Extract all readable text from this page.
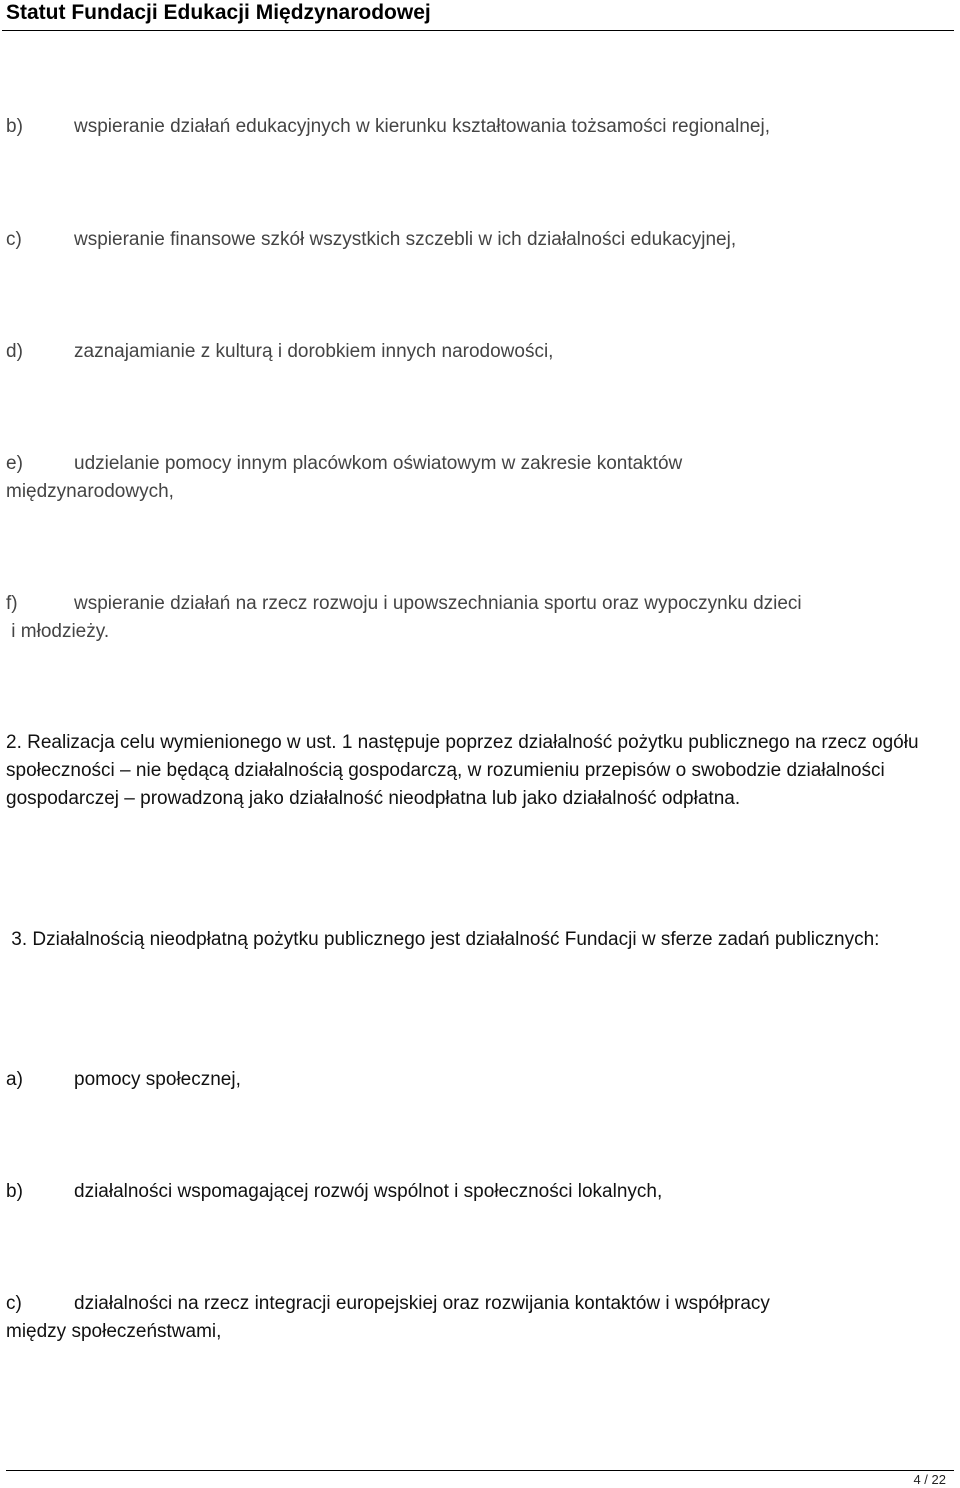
Statut Fundacji Edukacji Międzynarodowej

b)	wspieranie działań edukacyjnych w kierunku kształtowania tożsamości regionalnej,

c)	wspieranie finansowe szkół wszystkich szczebli w ich działalności edukacyjnej,

d)	zaznajamianie z kulturą i dorobkiem innych narodowości,

e)	udzielanie pomocy innym placówkom oświatowym w zakresie kontaktów
międzynarodowych,

f)	wspieranie działań na rzecz rozwoju i upowszechniania sportu oraz wypoczynku dzieci
i młodzieży.

2. Realizacja celu wymienionego w ust. 1 następuje poprzez działalność pożytku publicznego na rzecz ogółu społeczności – nie będącą działalnością gospodarczą, w rozumieniu przepisów o swobodzie działalności gospodarczej – prowadzoną jako działalność nieodpłatna lub jako działalność odpłatna.

3. Działalnością nieodpłatną pożytku publicznego jest działalność Fundacji w sferze zadań publicznych:

a)	pomocy społecznej,

b)	działalności wspomagającej rozwój wspólnot i społeczności lokalnych,

c)	działalności na rzecz integracji europejskiej oraz rozwijania kontaktów i współpracy
między społeczeństwami,

4 / 22
